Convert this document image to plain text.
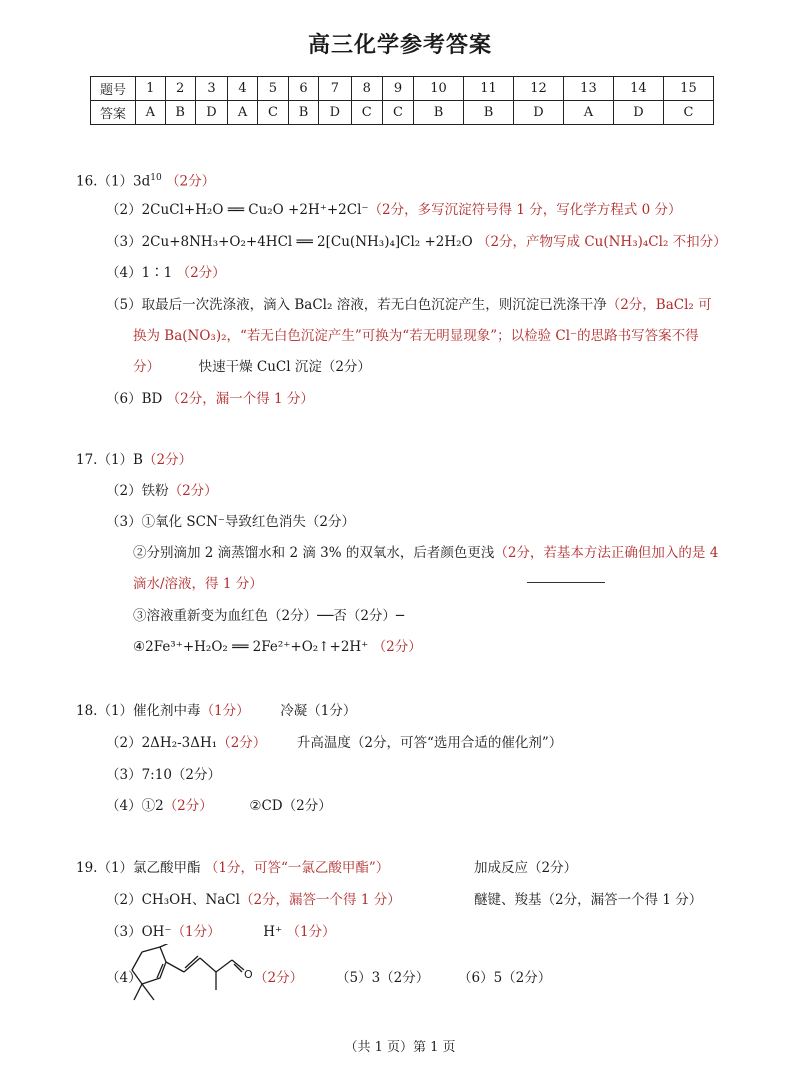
高三化学参考答案
题号	1	2	3	4	5	6	7	8	9	10	11	12	13	14	15
答案	A	B	D	A	C	B	D	C	C	B	B	D	A	D	C
$16.(1)3d^{10}$ （2分）
（2）2CuCl+H₂O ══ Cu₂O +2H⁺+2Cl⁻（2分，多写沉淀符号得 1 分，写化学方程式 0 分）
（3）2Cu+8NH₃+O₂+4HCl ══ 2[Cu(NH₃)₄]Cl₂ +2H₂O （2分，产物写成 Cu(NH₃)₄Cl₂ 不扣分）
（4）1∶1 （2分）
（5）取最后一次洗涤液，滴入 BaCl₂ 溶液，若无白色沉淀产生，则沉淀已洗涤干净（2分，BaCl₂ 可
换为 Ba(NO₃)₂，“若无白色沉淀产生”可换为“若无明显现象”；以检验 Cl⁻的思路书写答案不得
分）	快速干燥 CuCl 沉淀（2分）
（6）BD （2分，漏一个得 1 分）
17.（1）B（2分）
（2）铁粉（2分）
（3）①氧化 SCN⁻导致红色消失（2分）
②分别滴加 2 滴蒸馏水和 2 滴 3% 的双氧水，后者颜色更浅（2分，若基本方法正确但加入的是 4
滴水/溶液，得 1 分）
③溶液重新变为血红色（2分）──否（2分）─
④2Fe³⁺+H₂O₂ ══ 2Fe²⁺+O₂↑+2H⁺ （2分）
18.（1）催化剂中毒（1分） 冷凝（1分）
（2）2ΔH₂-3ΔH₁（2分） 升高温度（2分，可答“选用合适的催化剂”）
（3）7:10（2分）
（4）①2（2分）	②CD（2分）
19.（1）氯乙酸甲酯 （1分，可答“一氯乙酸甲酯”）	加成反应（2分）
（2）CH₃OH、NaCl（2分，漏答一个得 1 分）	醚键、羧基（2分，漏答一个得 1 分）
（3）OH⁻（1分）	H⁺ （1分）
（4）	O （2分） （5）3（2分） （6）5（2分）
（共 1 页）第 1 页
